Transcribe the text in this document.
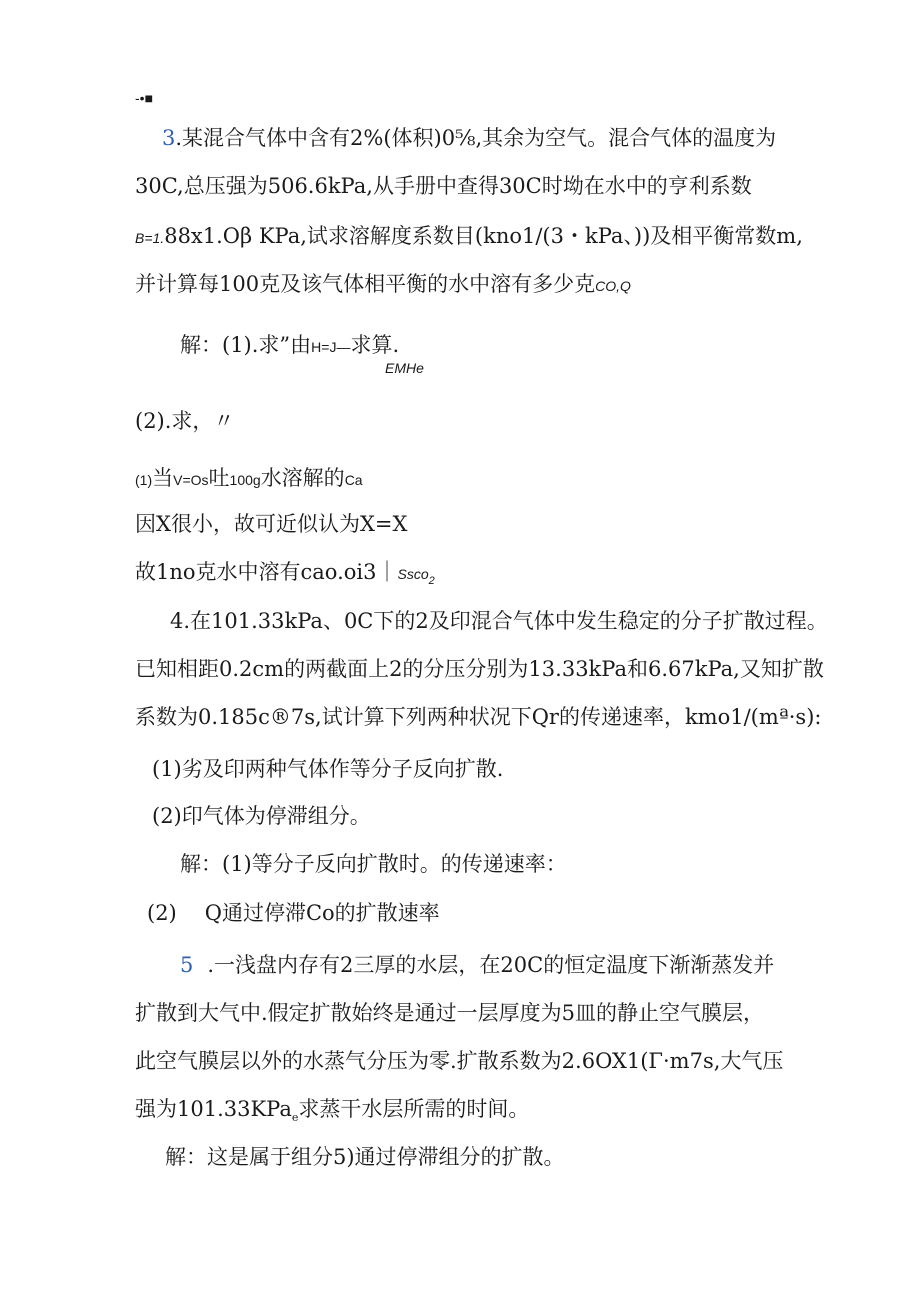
-•■
3.某混合气体中含有2%(体积)0⅝,其余为空气。混合气体的温度为
30C,总压强为506.6kPa,从手册中查得30C时坳在水中的亨利系数
B=1.88x1.Oβ KPa,试求溶解度系数目(kno1∕(3・kPa、))及相平衡常数m,
并计算每100克及该气体相平衡的水中溶有多少克CO,Q
解：(1).求”由H=J—求算.
EMHe
(2).求，〃
(1)当V=Os吐100g水溶解的Ca
因X很小，故可近似认为X=X
故1no克水中溶有cao.oi3｜Ssco$_2$
4.在101.33kPa、0C下的2及印混合气体中发生稳定的分子扩散过程。
已知相距0.2cm的两截面上2的分压分别为13.33kPa和6.67kPa,又知扩散
系数为0.185c®7s,试计算下列两种状况下Qr的传递速率，kmo1∕(mª·s):
(1)劣及印两种气体作等分子反向扩散.
(2)印气体为停滞组分。
解：(1)等分子反向扩散时。的传递速率：
(2) Q通过停滞Co的扩散速率
5 .一浅盘内存有2三厚的水层，在20C的恒定温度下渐渐蒸发并
扩散到大气中.假定扩散始终是通过一层厚度为5皿的静止空气膜层，
此空气膜层以外的水蒸气分压为零.扩散系数为2.6OX1(Γ·m7s,大气压
强为101.33KPa$_e$求蒸干水层所需的时间。
解：这是属于组分5)通过停滞组分的扩散。
